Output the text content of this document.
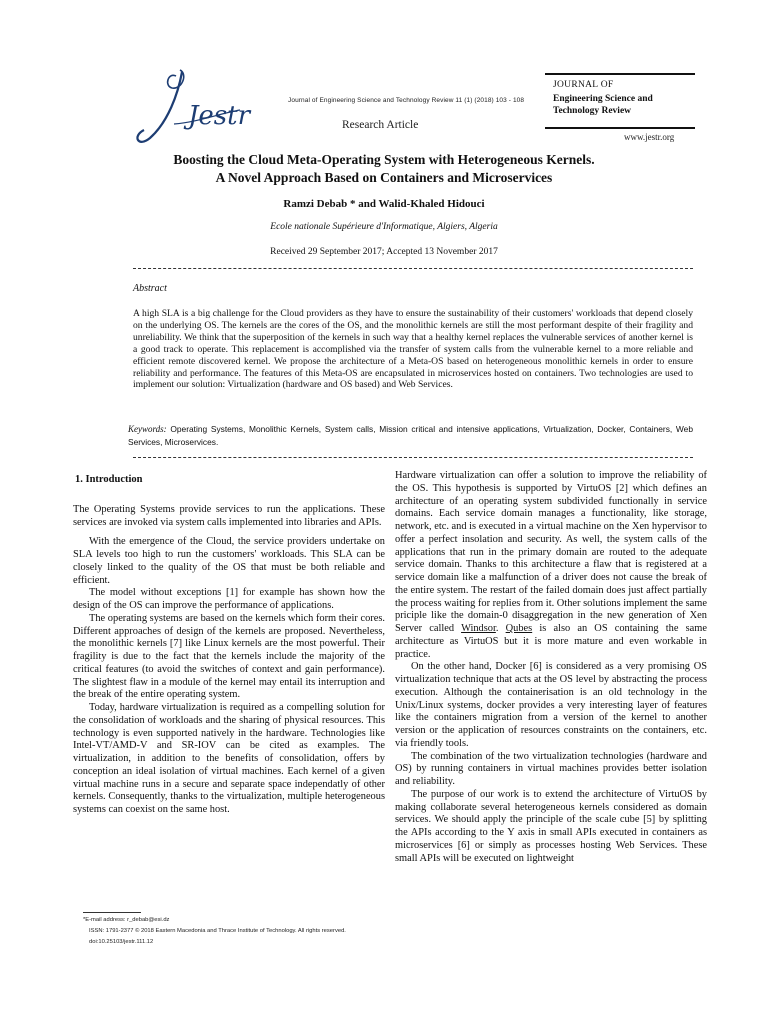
Jestr
Journal of Engineering Science and Technology Review 11 (1) (2018) 103 - 108
Research Article
JOURNAL OF
Engineering Science and Technology Review
www.jestr.org
Boosting the Cloud Meta-Operating System with Heterogeneous Kernels.
A Novel Approach Based on Containers and Microservices
Ramzi Debab * and Walid-Khaled Hidouci
Ecole nationale Supérieure d'Informatique, Algiers, Algeria
Received 29 September 2017; Accepted 13 November 2017
Abstract

A high SLA is a big challenge for the Cloud providers as they have to ensure the sustainability of their customers' workloads that depend closely on the underlying OS. The kernels are the cores of the OS, and the monolithic kernels are still the most performant despite of their fragility and unreliability. We think that the superposition of the kernels in such way that a healthy kernel replaces the vulnerable services of another kernel is a good track to operate. This replacement is accomplished via the transfer of system calls from the vulnerable kernel to a more reliable and efficient remote discovered kernel. We propose the architecture of a Meta-OS based on heterogeneous monolithic kernels in order to ensure reliability and performance. The features of this Meta-OS are encapsulated in microservices hosted on containers. Two technologies are used to implement our solution: Virtualization (hardware and OS based) and Web Services.

Keywords: Operating Systems, Monolithic Kernels, System calls, Mission critical and intensive applications, Virtualization, Docker, Containers, Web Services, Microservices.

1. Introduction

The Operating Systems provide services to run the applications. These services are invoked via system calls implemented into libraries and APIs.

With the emergence of the Cloud, the service providers undertake on SLA levels too high to run the customers' workloads. This SLA can be closely linked to the quality of the OS that must be both reliable and efficient.

The model without exceptions [1] for example has shown how the design of the OS can improve the performance of applications.

The operating systems are based on the kernels which form their cores. Different approaches of design of the kernels are proposed. Nevertheless, the monolithic kernels [7] like Linux kernels are the most powerful. Their fragility is due to the fact that the kernels include the majority of the critical features (to avoid the switches of context and gain performance). The slightest flaw in a module of the kernel may entail its interruption and the break of the entire operating system.

Today, hardware virtualization is required as a compelling solution for the consolidation of workloads and the sharing of physical resources. This technology is even supported natively in the hardware. Technologies like Intel-VT/AMD-V and SR-IOV can be cited as examples. The virtualization, in addition to the benefits of consolidation, offers by conception an ideal isolation of virtual machines. Each kernel of a given virtual machine runs in a secure and separate space independatly of other kernels. Consequently, thanks to the virtualization, multiple heterogeneous systems can coexist on the same host.

Hardware virtualization can offer a solution to improve the reliability of the OS. This hypothesis is supported by VirtuOS [2] which defines an architecture of an operating system subdivided functionally in service domains. Each service domain manages a functionality, like storage, network, etc. and is executed in a virtual machine on the Xen hypervisor to offer a perfect insolation and security. As well, the system calls of the applications that run in the primary domain are routed to the adequate service domain. Thanks to this architecture a flaw that is registered at a service domain like a malfunction of a driver does not cause the break of the entire system. The restart of the failed domain does just affect partially the process waiting for replies from it. Other solutions implement the same priciple like the domain-0 disaggregation in the new generation of Xen Server called Windsor. Qubes is also an OS containing the same architecture as VirtuOS but it is more mature and even workable in practice.

On the other hand, Docker [6] is considered as a very promising OS virtualization technique that acts at the OS level by abstracting the process execution. Although the containerisation is an old technology in the Unix/Linux systems, docker provides a very interesting layer of features like the containers migration from a version of the kernel to another version or the application of resources constraints on the containers, etc. via friendly tools.

The combination of the two virtualization technologies (hardware and OS) by running containers in virtual machines provides better isolation and reliability.

The purpose of our work is to extend the architecture of VirtuOS by making collaborate several heterogeneous kernels considered as domain services. We should apply the principle of the scale cube [5] by splitting the APIs according to the Y axis in small APIs executed in containers as microservices [6] or simply as processes hosting Web Services. These small APIs will be executed on lightweight

*E-mail address: r_debab@esi.dz
ISSN: 1791-2377 © 2018 Eastern Macedonia and Thrace Institute of Technology. All rights reserved.
doi:10.25103/jestr.111.12
